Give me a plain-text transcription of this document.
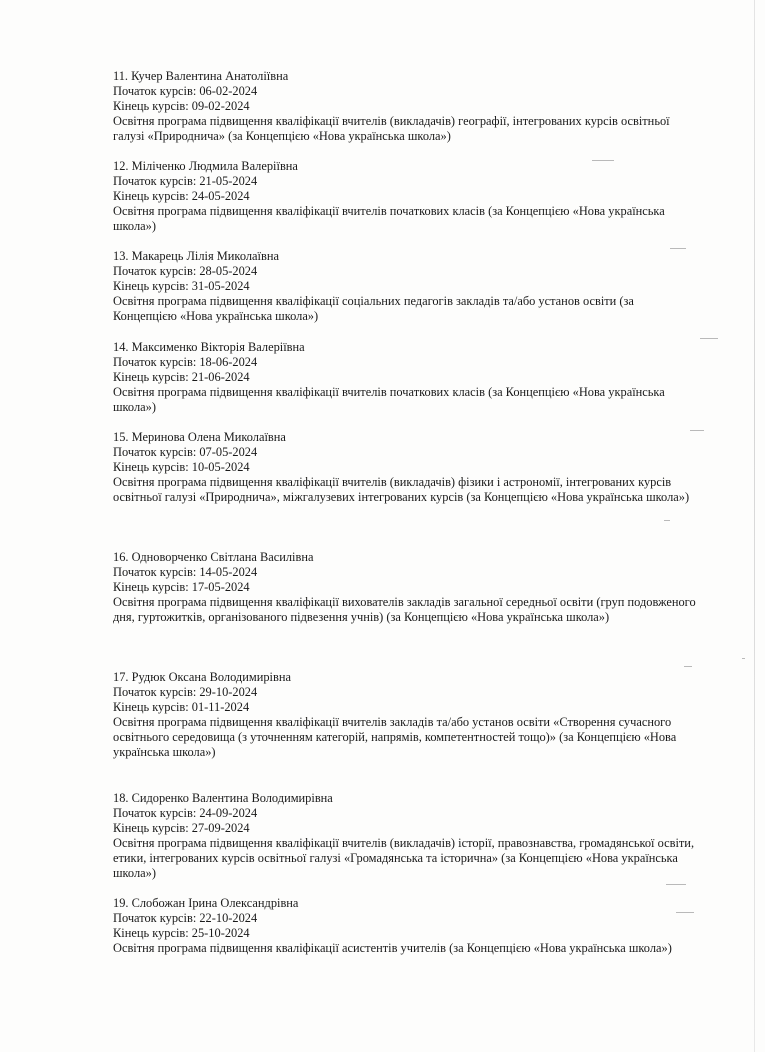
11. Кучер Валентина Анатоліївна
Початок курсів: 06-02-2024
Кінець курсів: 09-02-2024
Освітня програма підвищення кваліфікації вчителів (викладачів) географії, інтегрованих курсів освітньої галузі «Природнича» (за Концепцією «Нова українська школа»)
12. Міліченко Людмила Валеріївна
Початок курсів: 21-05-2024
Кінець курсів: 24-05-2024
Освітня програма підвищення кваліфікації вчителів початкових класів (за Концепцією «Нова українська школа»)
13. Макарець Лілія Миколаївна
Початок курсів: 28-05-2024
Кінець курсів: 31-05-2024
Освітня програма підвищення кваліфікації соціальних педагогів закладів та/або установ освіти (за Концепцією «Нова українська школа»)
14. Максименко Вікторія Валеріївна
Початок курсів: 18-06-2024
Кінець курсів: 21-06-2024
Освітня програма підвищення кваліфікації вчителів початкових класів (за Концепцією «Нова українська школа»)
15. Меринова Олена Миколаївна
Початок курсів: 07-05-2024
Кінець курсів: 10-05-2024
Освітня програма підвищення кваліфікації вчителів (викладачів) фізики і астрономії, інтегрованих курсів освітньої галузі «Природнича», міжгалузевих інтегрованих курсів (за Концепцією «Нова українська школа»)
16. Одноворченко Світлана Василівна
Початок курсів: 14-05-2024
Кінець курсів: 17-05-2024
Освітня програма підвищення кваліфікації вихователів закладів загальної середньої освіти (груп подовженого дня, гуртожитків, організованого підвезення учнів) (за Концепцією «Нова українська школа»)
17. Рудюк Оксана Володимирівна
Початок курсів: 29-10-2024
Кінець курсів: 01-11-2024
Освітня програма підвищення кваліфікації вчителів закладів та/або установ освіти «Створення сучасного освітнього середовища (з уточненням категорій, напрямів, компетентностей тощо)» (за Концепцією «Нова українська школа»)
18. Сидоренко Валентина Володимирівна
Початок курсів: 24-09-2024
Кінець курсів: 27-09-2024
Освітня програма підвищення кваліфікації вчителів (викладачів) історії, правознавства, громадянської освіти, етики, інтегрованих курсів освітньої галузі «Громадянська та історична» (за Концепцією «Нова українська школа»)
19. Слобожан Ірина Олександрівна
Початок курсів: 22-10-2024
Кінець курсів: 25-10-2024
Освітня програма підвищення кваліфікації асистентів учителів (за Концепцією «Нова українська школа»)
